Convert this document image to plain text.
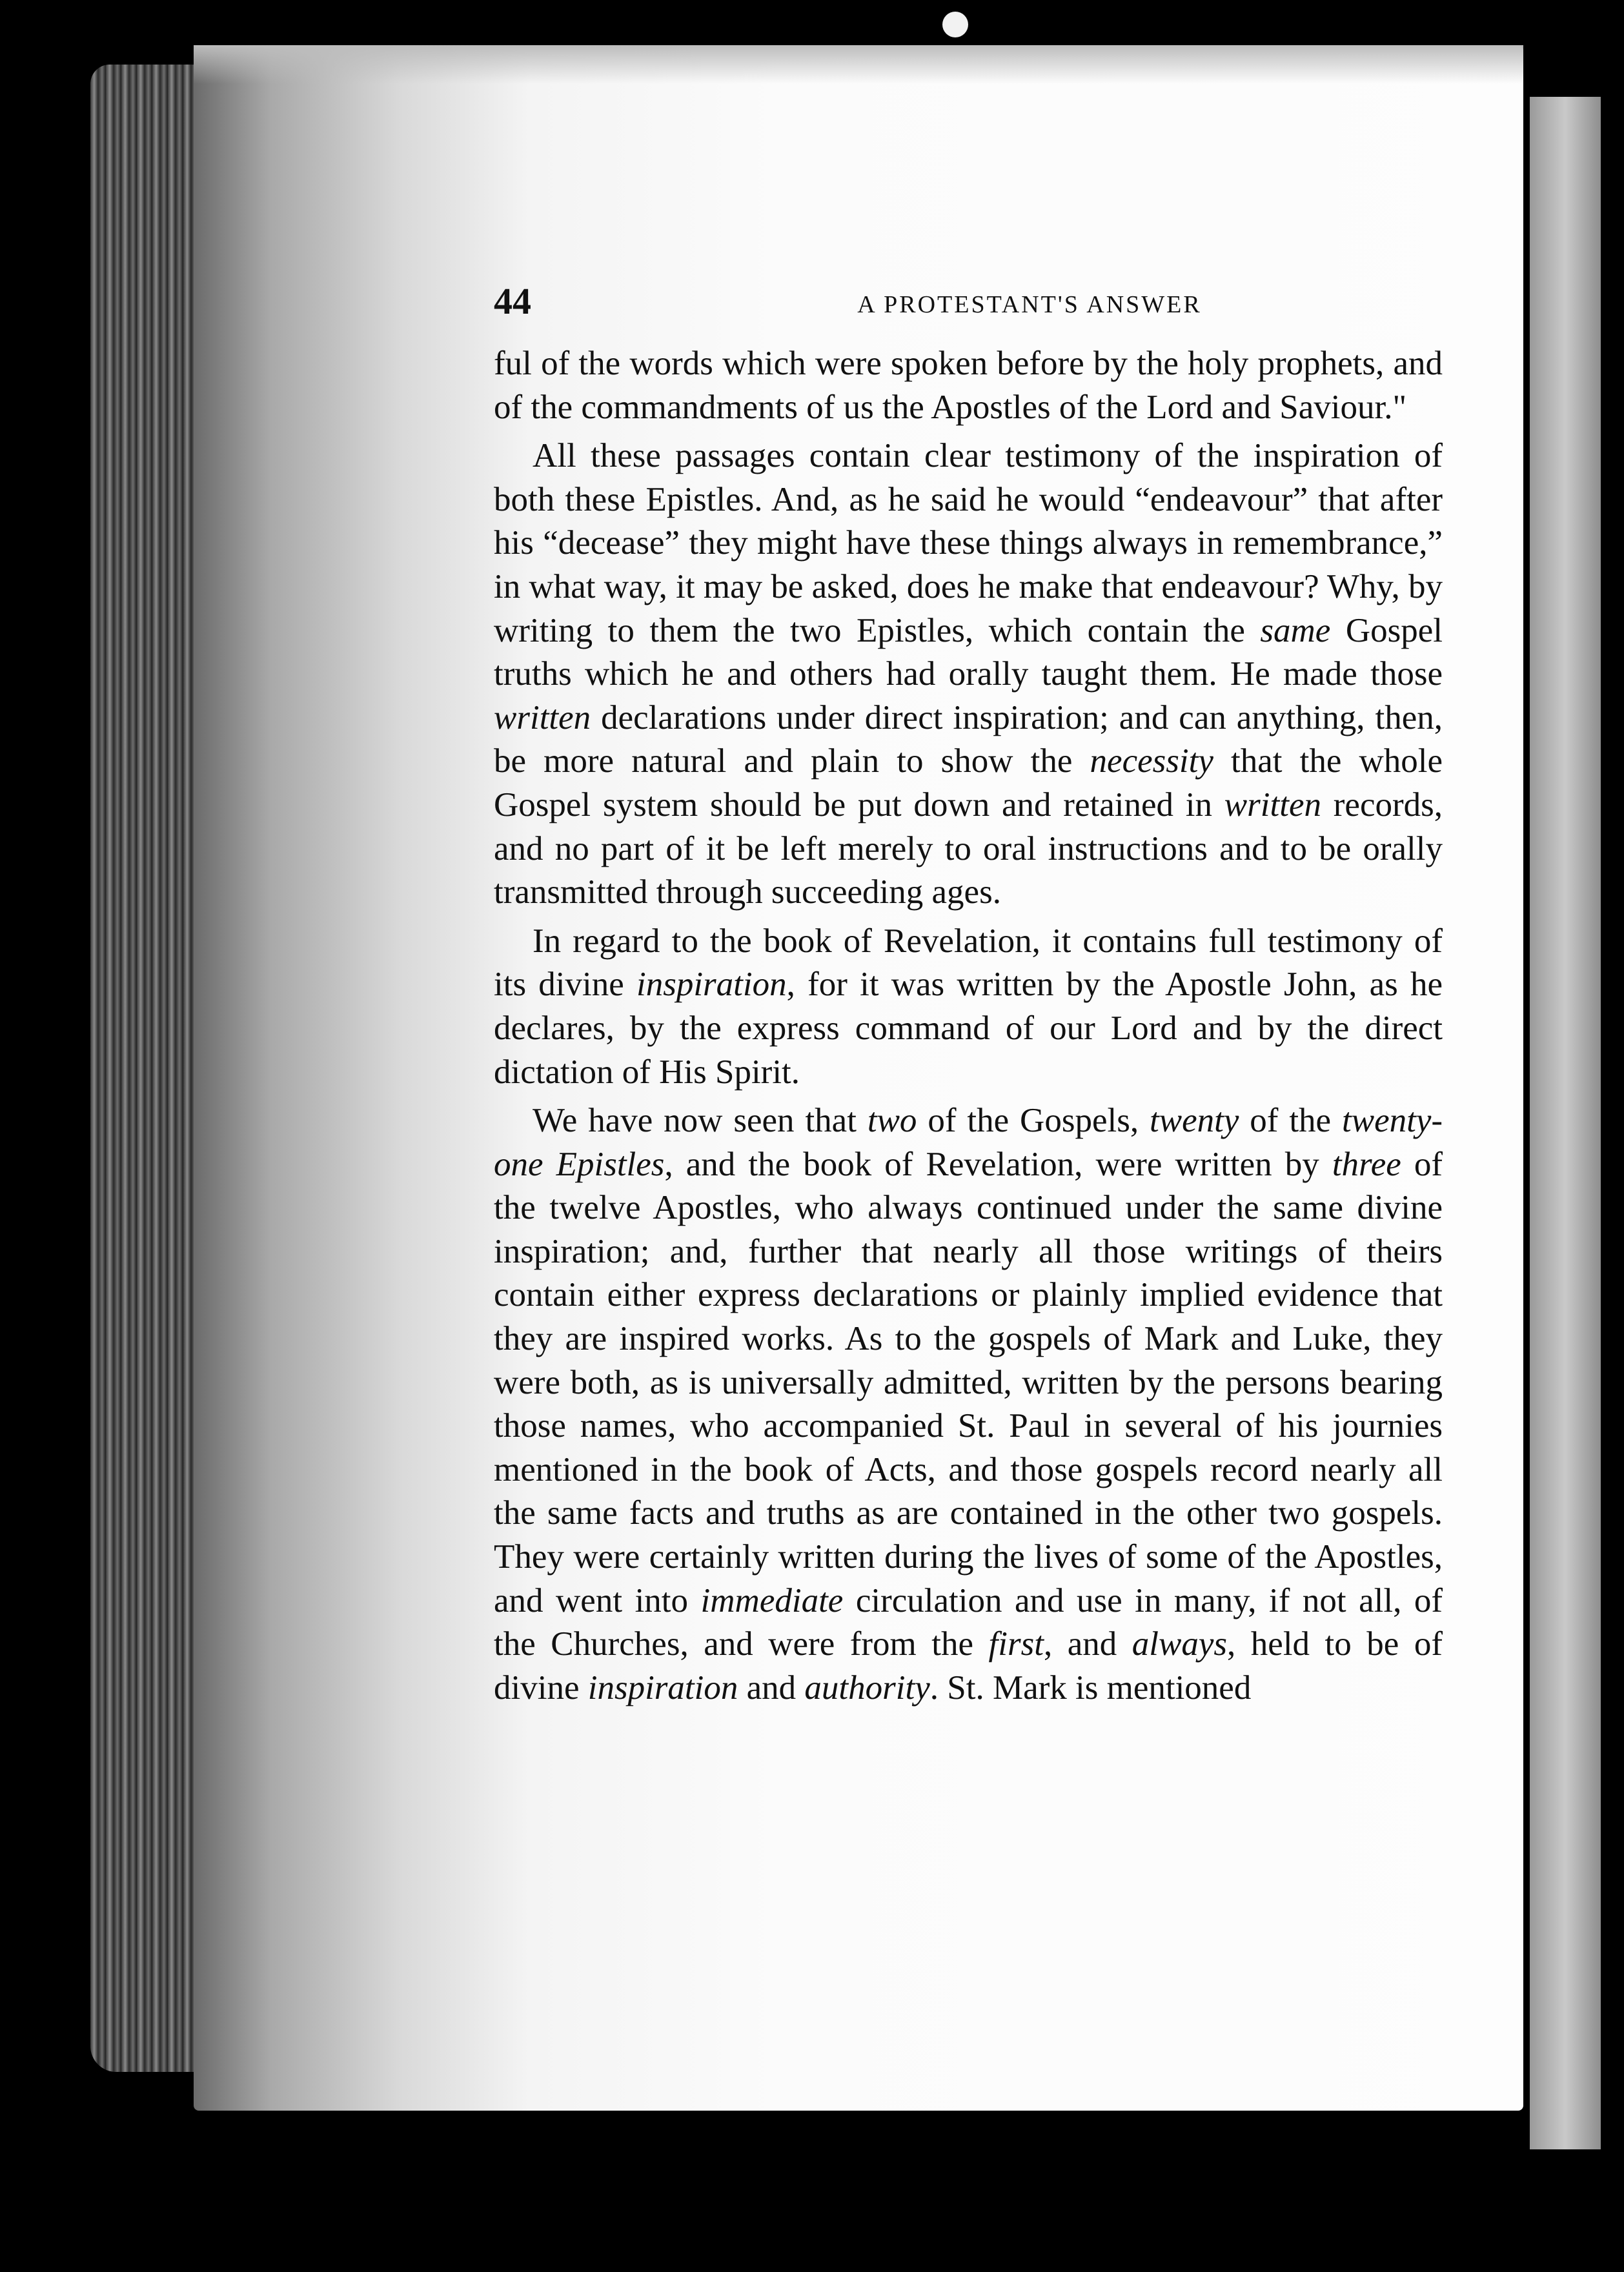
44	A PROTESTANT'S ANSWER

ful of the words which were spoken before by the holy prophets, and of the commandments of us the Apostles of the Lord and Saviour."

All these passages contain clear testimony of the inspiration of both these Epistles. And, as he said he would “endeavour” that after his “decease” they might have these things always in remembrance,” in what way, it may be asked, does he make that endeavour? Why, by writing to them the two Epistles, which contain the same Gospel truths which he and others had orally taught them. He made those written declarations under direct inspiration; and can anything, then, be more natural and plain to show the necessity that the whole Gospel system should be put down and retained in written records, and no part of it be left merely to oral instructions and to be orally transmitted through succeeding ages.

In regard to the book of Revelation, it contains full testimony of its divine inspiration, for it was written by the Apostle John, as he declares, by the express command of our Lord and by the direct dictation of His Spirit.

We have now seen that two of the Gospels, twenty of the twenty-one Epistles, and the book of Revelation, were written by three of the twelve Apostles, who always continued under the same divine inspiration; and, further that nearly all those writings of theirs contain either express declarations or plainly implied evidence that they are inspired works. As to the gospels of Mark and Luke, they were both, as is universally admitted, written by the persons bearing those names, who accompanied St. Paul in several of his journies mentioned in the book of Acts, and those gospels record nearly all the same facts and truths as are contained in the other two gospels. They were certainly written during the lives of some of the Apostles, and went into immediate circulation and use in many, if not all, of the Churches, and were from the first, and always, held to be of divine inspiration and authority. St. Mark is mentioned
